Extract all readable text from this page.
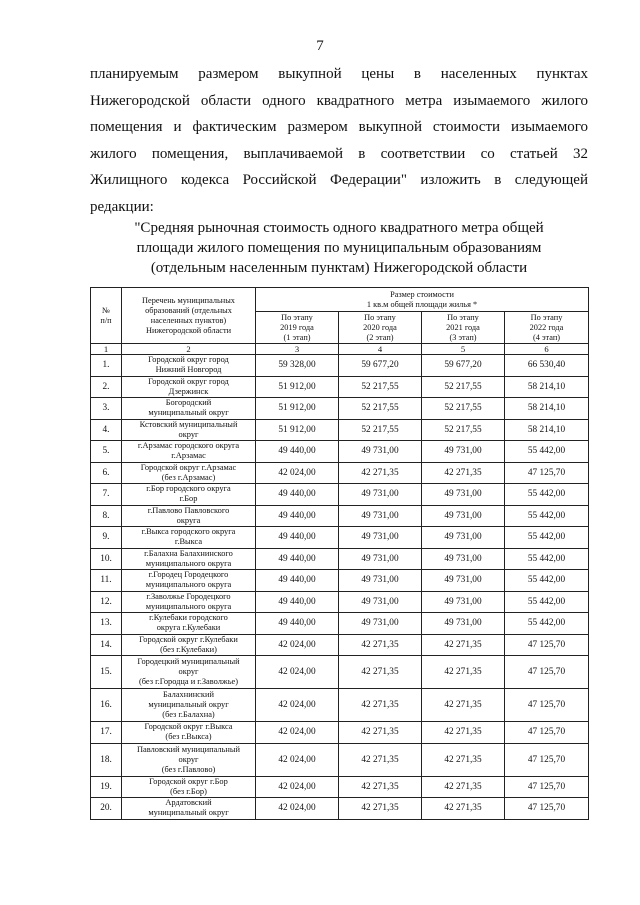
7
планируемым размером выкупной цены в населенных пунктах
Нижегородской области одного квадратного метра изымаемого жилого
помещения и фактическим размером выкупной стоимости изымаемого
жилого помещения, выплачиваемой в соответствии со статьей 32
Жилищного кодекса Российской Федерации" изложить в следующей
редакции:
"Средняя рыночная стоимость одного квадратного метра общей
площади жилого помещения по муниципальным образованиям
(отдельным населенным пунктам) Нижегородской области
№
п/п	Перечень муниципальных
образований (отдельных
населенных пунктов)
Нижегородской области	Размер стоимости
1 кв.м общей площади жилья *			

		По этапу
2019 года
(1 этап)	По этапу
2020 года
(2 этап)	По этапу
2021 года
(3 этап)	По этапу
2022 года
(4 этап)

1	2	3	4	5	6
1.	Городской округ город
Нижний Новгород	59 328,00	59 677,20	59 677,20	66 530,40
2.	Городской округ город
Дзержинск	51 912,00	52 217,55	52 217,55	58 214,10
3.	Богородский
муниципальный округ	51 912,00	52 217,55	52 217,55	58 214,10
4.	Кстовский муниципальный
округ	51 912,00	52 217,55	52 217,55	58 214,10
5.	г.Арзамас городского округа
г.Арзамас	49 440,00	49 731,00	49 731,00	55 442,00
6.	Городской округ г.Арзамас
(без г.Арзамас)	42 024,00	42 271,35	42 271,35	47 125,70
7.	г.Бор городского округа
г.Бор	49 440,00	49 731,00	49 731,00	55 442,00
8.	г.Павлово Павловского
округа	49 440,00	49 731,00	49 731,00	55 442,00
9.	г.Выкса городского округа
г.Выкса	49 440,00	49 731,00	49 731,00	55 442,00
10.	г.Балахна Балахнинского
муниципального округа	49 440,00	49 731,00	49 731,00	55 442,00
11.	г.Городец Городецкого
муниципального округа	49 440,00	49 731,00	49 731,00	55 442,00
12.	г.Заволжье Городецкого
муниципального округа	49 440,00	49 731,00	49 731,00	55 442,00
13.	г.Кулебаки городского
округа г.Кулебаки	49 440,00	49 731,00	49 731,00	55 442,00
14.	Городской округ г.Кулебаки
(без г.Кулебаки)	42 024,00	42 271,35	42 271,35	47 125,70
15.	Городецкий муниципальный
округ
(без г.Городца и г.Заволжье)	42 024,00	42 271,35	42 271,35	47 125,70
16.	Балахнинский
муниципальный округ
(без г.Балахна)	42 024,00	42 271,35	42 271,35	47 125,70
17.	Городской округ г.Выкса
(без г.Выкса)	42 024,00	42 271,35	42 271,35	47 125,70
18.	Павловский муниципальный
округ
(без г.Павлово)	42 024,00	42 271,35	42 271,35	47 125,70
19.	Городской округ г.Бор
(без г.Бор)	42 024,00	42 271,35	42 271,35	47 125,70
20.	Ардатовский
муниципальный округ	42 024,00	42 271,35	42 271,35	47 125,70
